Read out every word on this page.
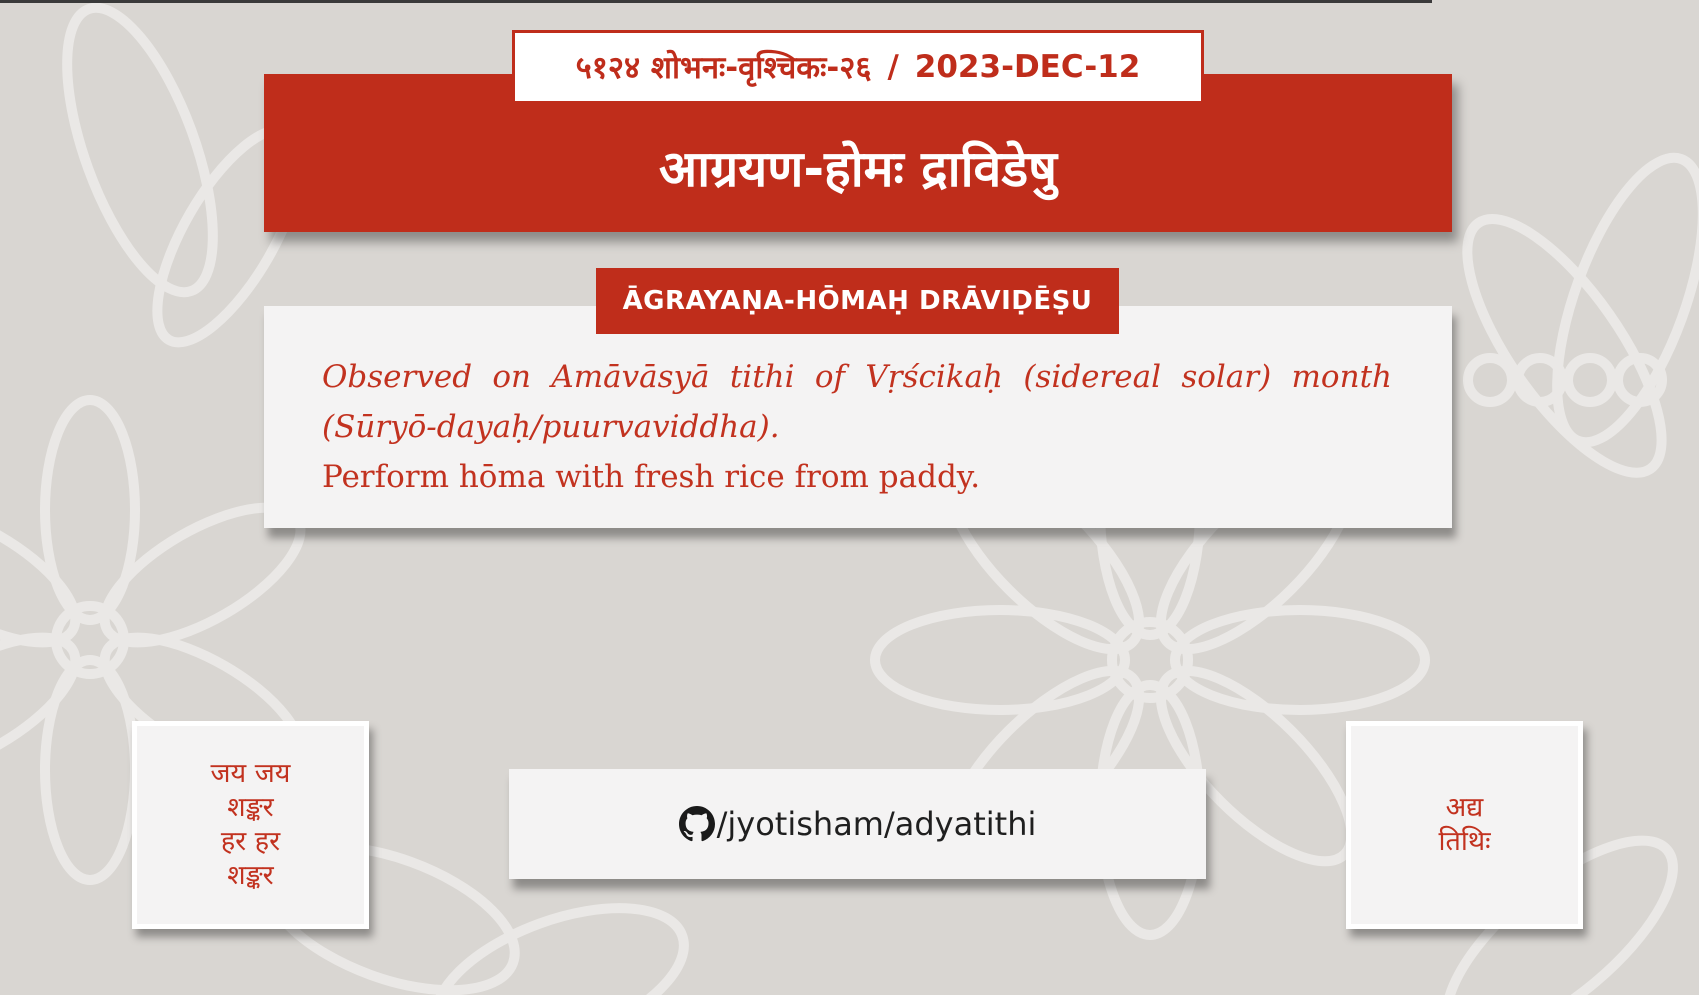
५१२४ शोभनः-वृश्चिकः-२६ / 2023-DEC-12
आग्रयण-होमः द्राविडेषु
ĀGRAYAṆA-HŌMAḤ DRĀVIḌĒṢU
Observed on Amāvāsyā tithi of Vṛścikaḥ (sidereal solar) month (Sūryō-dayaḥ/puurvaviddha).
Perform hōma with fresh rice from paddy.
जय जय
शङ्कर
हर हर
शङ्कर
/jyotisham/adyatithi	अद्य
तिथिः
